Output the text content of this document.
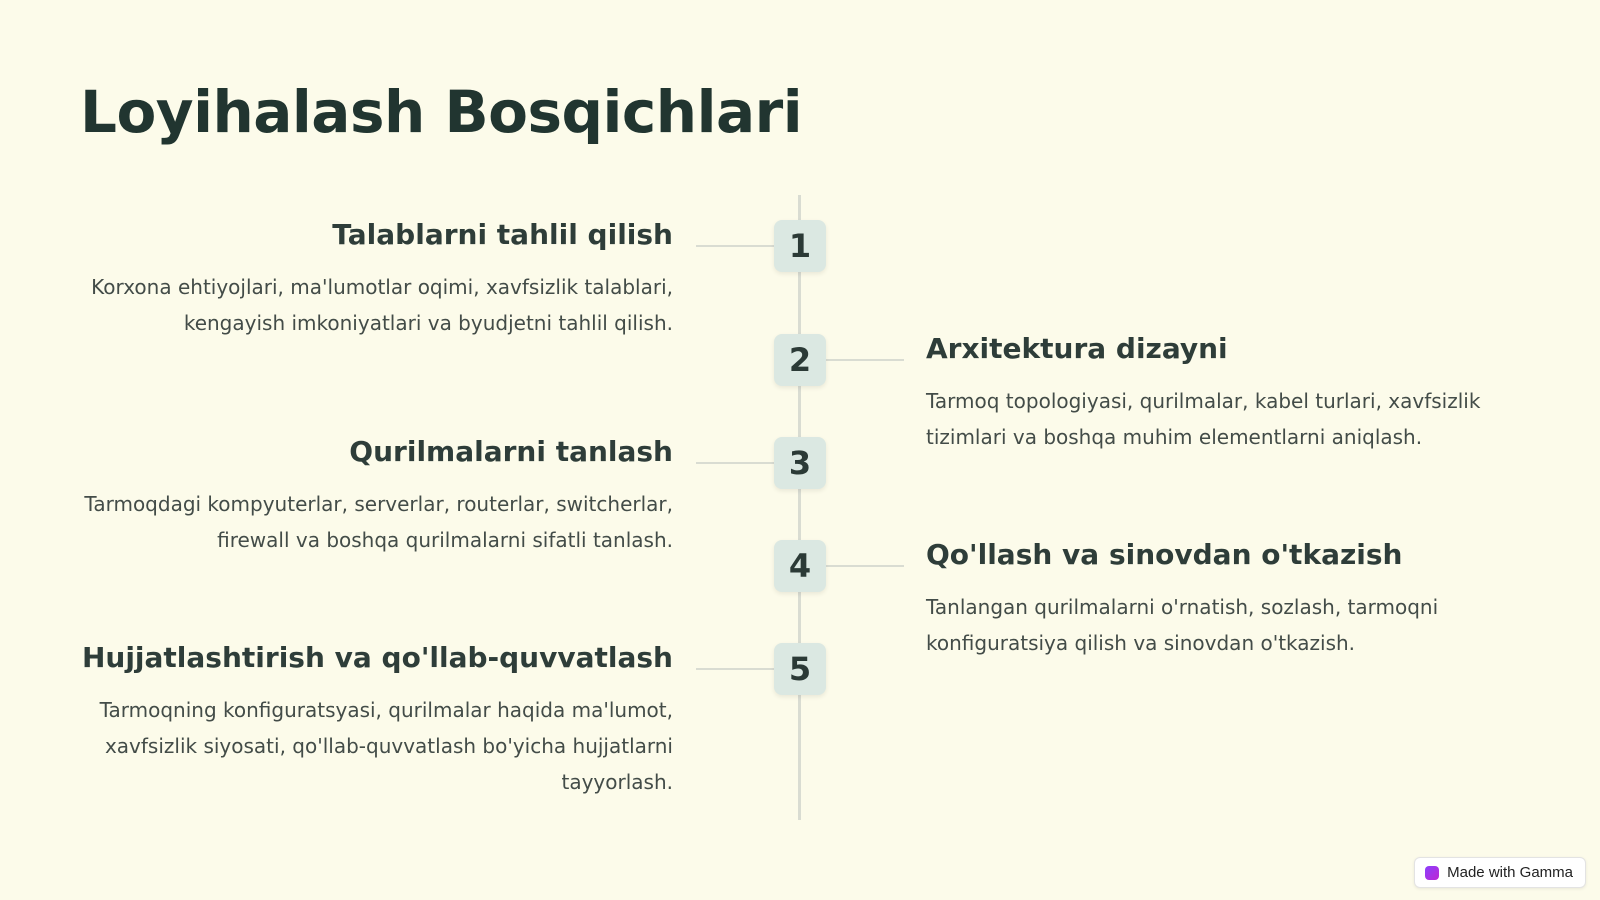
Loyihalash Bosqichlari
1
Talablarni tahlil qilish

Korxona ehtiyojlari, ma'lumotlar oqimi, xavfsizlik talablari, kengayish imkoniyatlari va byudjetni tahlil qilish.

2	Arxitektura dizayni

Tarmoq topologiyasi, qurilmalar, kabel turlari, xavfsizlik tizimlari va boshqa muhim elementlarni aniqlash.

3
Qurilmalarni tanlash

Tarmoqdagi kompyuterlar, serverlar, routerlar, switcherlar, firewall va boshqa qurilmalarni sifatli tanlash.

4	Qo'llash va sinovdan o'tkazish

Tanlangan qurilmalarni o'rnatish, sozlash, tarmoqni konfiguratsiya qilish va sinovdan o'tkazish.

5
Hujjatlashtirish va qo'llab-quvvatlash

Tarmoqning konfiguratsyasi, qurilmalar haqida ma'lumot, xavfsizlik siyosati, qo'llab-quvvatlash bo'yicha hujjatlarni tayyorlash.

Made with Gamma
